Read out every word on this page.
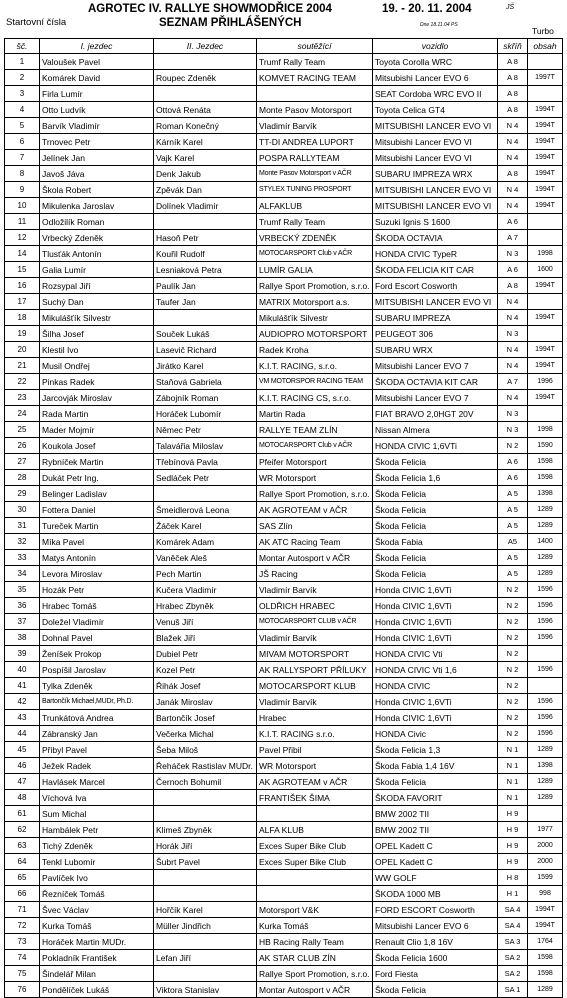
AGROTEC IV. RALLYE SHOWMODŘICE 2004	19. - 20. 11. 2004	JŠ
Startovní čísla	SEZNAM PŘIHLÁŠENÝCH	Dne 18.11.04 PS
Turbo
šč.	I. jezdec	II. Jezdec	soutěžící	vozidlo	skříň	obsah
1	Valoušek Pavel		Trumf Rally Team	Toyota Corolla WRC	A 8	
2	Komárek David	Roupec Zdeněk	KOMVET RACING TEAM	Mitsubishi Lancer EVO 6	A 8	1997T
3	Firla Lumír			SEAT Cordoba WRC EVO II	A 8	
4	Otto Ludvík	Ottová Renáta	Monte Pasov Motorsport	Toyota Celica GT4	A 8	1994T
5	Barvík Vladimír	Roman Konečný	Vladimír Barvík	MITSUBISHI LANCER EVO VI	N 4	1994T
6	Trnovec Petr	Kárník Karel	TT-DI ANDREA LUPORT	Mitsubishi Lancer EVO VI	N 4	1994T
7	Jelínek Jan	Vajk Karel	POSPA RALLYTEAM	Mitsubishi Lancer EVO VI	N 4	1994T
8	Javoš Jáva	Denk Jakub	Monte Pasov Motorsport v AČR	SUBARU IMPREZA WRX	A 8	1994T
9	Škola Robert	Zpěvák Dan	STYLEX TUNING PROSPORT	MITSUBISHI LANCER EVO VI	N 4	1994T
10	Mikulenka Jaroslav	Dolínek Vladimír	ALFAKLUB	MITSUBISHI LANCER EVO VI	N 4	1994T
11	Odložilík Roman		Trumf Rally Team	Suzuki Ignis S 1600	A 6	
12	Vrbecký Zdeněk	Hasoň Petr	VRBECKÝ ZDENĚK	ŠKODA OCTAVIA	A 7	
14	Tlusťák Antonín	Kouřil Rudolf	MOTOCARSPORT Club v AČR	HONDA CIVIC TypeR	N 3	1998
15	Galia Lumír	Lesniaková Petra	LUMÍR GALIA	ŠKODA FELICIA KIT CAR	A 6	1600
16	Rozsypal Jiří	Paulík Jan	Rallye Sport Promotion, s.r.o.	Ford Escort Cosworth	A 8	1994T
17	Suchý Dan	Taufer Jan	MATRIX Motorsport a.s.	MITSUBISHI LANCER EVO VI	N 4	
18	Mikulášťík Silvestr		Mikulášťík Silvestr	SUBARU IMPREZA	N 4	1994T
19	Šilha Josef	Souček Lukáš	AUDIOPRO MOTORSPORT	PEUGEOT 306	N 3	
20	Klestil Ivo	Lasevič Richard	Radek Kroha	SUBARU WRX	N 4	1994T
21	Musil Ondřej	Jirátko Karel	K.I.T. RACING, s.r.o.	Mitsubishi Lancer EVO 7	N 4	1994T
22	Pinkas Radek	Staňová Gabriela	VM MOTORSPOR RACING TEAM	ŠKODA OCTAVIA KIT CAR	A 7	1996
23	Jarcovják Miroslav	Zábojník Roman	K.I.T. RACING CS, s.r.o.	Mitsubishi Lancer EVO 7	N 4	1994T
24	Rada Martin	Horáček Lubomír	Martin Rada	FIAT BRAVO 2,0HGT 20V	N 3	
25	Mader Mojmír	Němec Petr	RALLYE TEAM ZLÍN	Nissan Almera	N 3	1998
26	Koukola Josef	Talavářia Miloslav	MOTOCARSPORT Club v AČR	HONDA CIVIC 1,6VTi	N 2	1590
27	Rybníček Martin	Třebínová Pavla	Pfeifer Motorsport	Škoda Felicia	A 6	1598
28	Dukát Petr Ing.	Sedláček Petr	WR Motorsport	Škoda Felicia 1,6	A 6	1598
29	Belinger Ladislav		Rallye Sport Promotion, s.r.o.	Škoda Felicia	A 5	1398
30	Fottera Daniel	Šmeidlerová Leona	AK AGROTEAM v AČR	Škoda Felicia	A 5	1289
31	Tureček Martin	Žáček Karel	SAS Zlín	Škoda Felicia	A 5	1289
32	Míka Pavel	Komárek Adam	AK ATC Racing Team	Škoda Fabia	A5	1400
33	Matys Antonín	Vaněček Aleš	Montar Autosport v AČR	Škoda Felicia	A 5	1289
34	Levora Miroslav	Pech Martin	JŠ Racing	Škoda Felicia	A 5	1289
35	Hozák Petr	Kučera Vladimír	Vladimír Barvík	Honda CIVIC 1,6VTi	N 2	1596
36	Hrabec Tomáš	Hrabec Zbyněk	OLDŘICH HRABEC	Honda CIVIC 1,6VTi	N 2	1596
37	Doležel Vladimír	Venuš Jiří	MOTOCARSPORT CLUB v AČR	Honda CIVIC 1,6VTi	N 2	1596
38	Dohnal Pavel	Blažek Jiří	Vladimír Barvík	Honda CIVIC 1,6VTi	N 2	1596
39	Ženíšek Prokop	Dubiel Petr	MIVAM MOTORSPORT	HONDA CIVIC Vti	N 2	
40	Pospíšil Jaroslav	Kozel Petr	AK RALLYSPORT PŘÍLUKY	HONDA CIVIC Vti 1,6	N 2	1596
41	Tylka Zdeněk	Řihák Josef	MOTOCARSPORT KLUB	HONDA CIVIC	N 2	
42	Bartončík Michael,MUDr, Ph.D.	Janák Miroslav	Vladimír Barvík	Honda CIVIC 1,6VTi	N 2	1596
43	Trunkátová Andrea	Bartončík Josef	Hrabec	Honda CIVIC 1,6VTi	N 2	1596
44	Zábranský Jan	Večerka Michal	K.I.T. RACING s.r.o.	HONDA Civic	N 2	1596
45	Přibyl Pavel	Šeba Miloš	Pavel Přibil	Škoda Felicia 1,3	N 1	1289
46	Ježek Radek	Řeháček Rastislav MUDr.	WR Motorsport	Škoda Fabia 1,4 16V	N 1	1398
47	Havlásek Marcel	Černoch Bohumil	AK AGROTEAM v AČR	Škoda Felicia	N 1	1289
48	Víchová Iva		FRANTIŠEK ŠIMA	ŠKODA FAVORIT	N 1	1289
61	Sum Michal			BMW 2002 TII	H 9	
62	Hambálek Petr	Klimeš Zbyněk	ALFA KLUB	BMW 2002 TII	H 9	1977
63	Tichý Zdeněk	Horák Jiří	Exces Super Bike Club	OPEL Kadett C	H 9	2000
64	Tenkl Lubomír	Šubrt Pavel	Exces Super Bike Club	OPEL Kadett C	H 9	2000
65	Pavlíček Ivo			WW GOLF	H 8	1599
66	Řezníček Tomáš			ŠKODA 1000 MB	H 1	998
71	Švec Václav	Hořčík Karel	Motorsport V&K	FORD ESCORT Cosworth	SA 4	1994T
72	Kurka Tomáš	Müller Jindřich	Kurka Tomáš	Mitsubishi Lancer EVO 6	SA 4	1994T
73	Horáček Martin MUDr.		HB Racing Rally Team	Renault Clio 1,8 16V	SA 3	1764
74	Pokladník František	Lefan Jiří	AK STAR CLUB ZÍN	Škoda Felicia 1600	SA 2	1598
75	Šindelář Milan		Rallye Sport Promotion, s.r.o.	Ford Fiesta	SA 2	1598
76	Pondělíček Lukáš	Viktora Stanislav	Montar Autosport v AČR	Škoda Felicia	SA 1	1289
